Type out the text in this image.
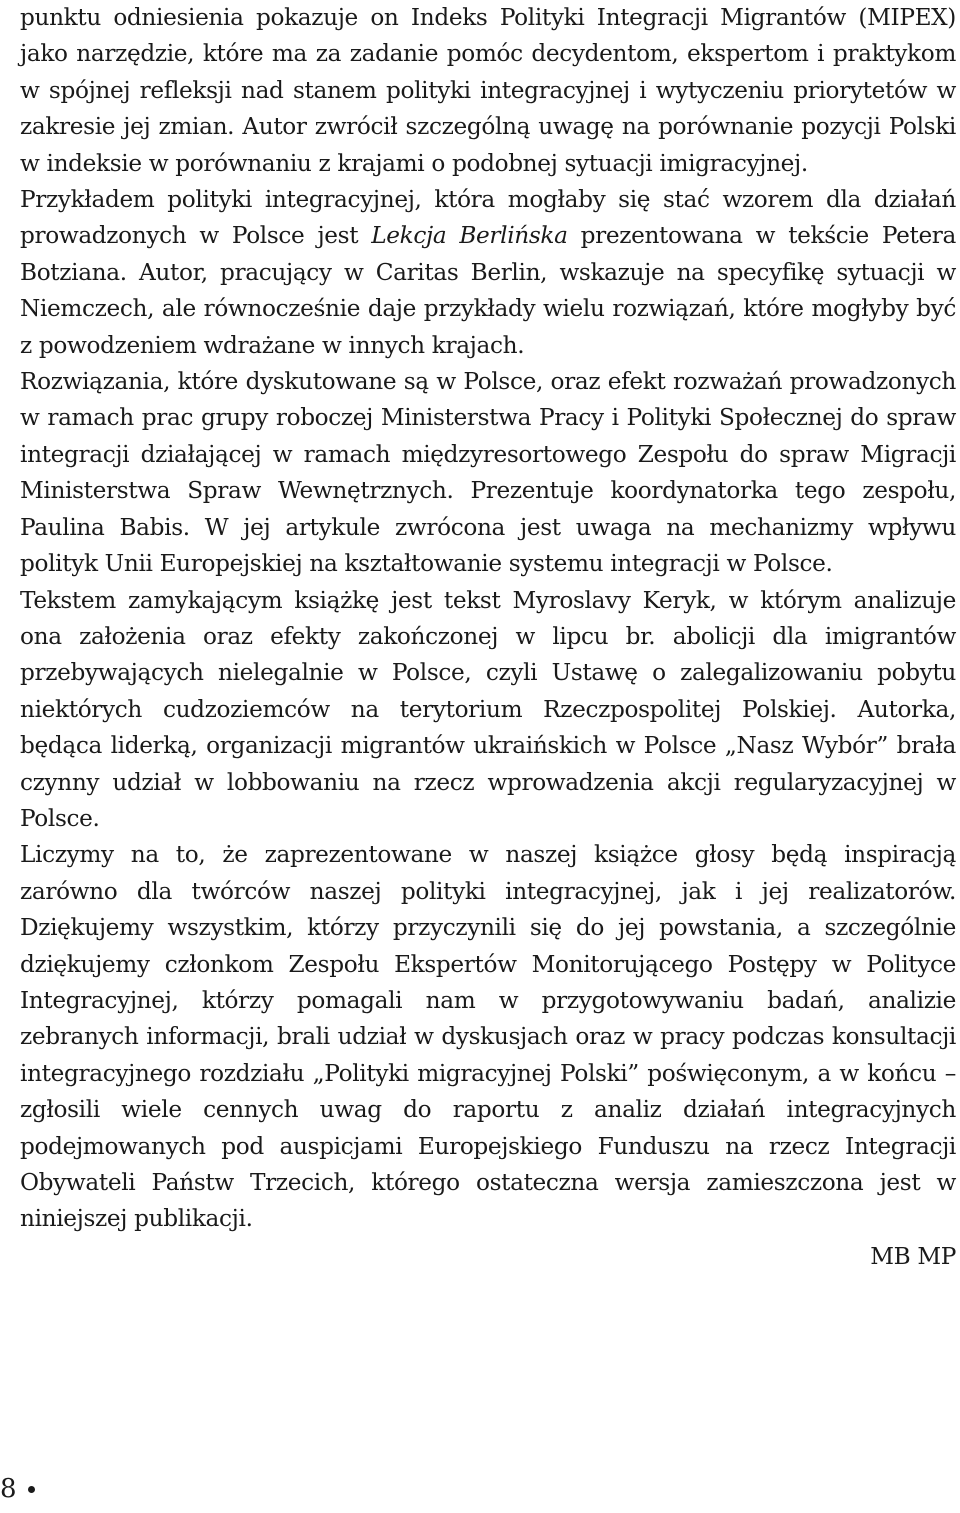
punktu odniesienia pokazuje on Indeks Polityki Integracji Migrantów (MIPEX) jako narzędzie, które ma za zadanie pomóc decydentom, ekspertom i praktykom w spójnej refleksji nad stanem polityki integracyjnej i wytyczeniu priorytetów w zakresie jej zmian. Autor zwrócił szczególną uwagę na porównanie pozycji Polski w indeksie w porównaniu z krajami o podobnej sytuacji imigracyjnej.

Przykładem polityki integracyjnej, która mogłaby się stać wzorem dla działań prowadzonych w Polsce jest Lekcja Berlińska prezentowana w tekście Petera Botziana. Autor, pracujący w Caritas Berlin, wskazuje na specyfikę sytuacji w Niemczech, ale równocześnie daje przykłady wielu rozwiązań, które mogłyby być z powodzeniem wdrażane w innych krajach.

Rozwiązania, które dyskutowane są w Polsce, oraz efekt rozważań prowadzonych w ramach prac grupy roboczej Ministerstwa Pracy i Polityki Społecznej do spraw integracji działającej w ramach międzyresortowego Zespołu do spraw Migracji Ministerstwa Spraw Wewnętrznych. Prezentuje koordynatorka tego zespołu, Paulina Babis. W jej artykule zwrócona jest uwaga na mechanizmy wpływu polityk Unii Europejskiej na kształtowanie systemu integracji w Polsce.

Tekstem zamykającym książkę jest tekst Myroslavy Keryk, w którym analizuje ona założenia oraz efekty zakończonej w lipcu br. abolicji dla imigrantów przebywających nielegalnie w Polsce, czyli Ustawę o zalegalizowaniu pobytu niektórych cudzoziemców na terytorium Rzeczpospolitej Polskiej. Autorka, będąca liderką, organizacji migrantów ukraińskich w Polsce „Nasz Wybór” brała czynny udział w lobbowaniu na rzecz wprowadzenia akcji regularyzacyjnej w Polsce.

Liczymy na to, że zaprezentowane w naszej książce głosy będą inspiracją zarówno dla twórców naszej polityki integracyjnej, jak i jej realizatorów. Dziękujemy wszystkim, którzy przyczynili się do jej powstania, a szczególnie dziękujemy członkom Zespołu Ekspertów Monitorującego Postępy w Polityce Integracyjnej, którzy pomagali nam w przygotowywaniu badań, analizie zebranych informacji, brali udział w dyskusjach oraz w pracy podczas konsultacji integracyjnego rozdziału „Polityki migracyjnej Polski” poświęconym, a w końcu – zgłosili wiele cennych uwag do raportu z analiz działań integracyjnych podejmowanych pod auspicjami Europejskiego Funduszu na rzecz Integracji Obywateli Państw Trzecich, którego ostateczna wersja zamieszczona jest w niniejszej publikacji.

MB MP

8
